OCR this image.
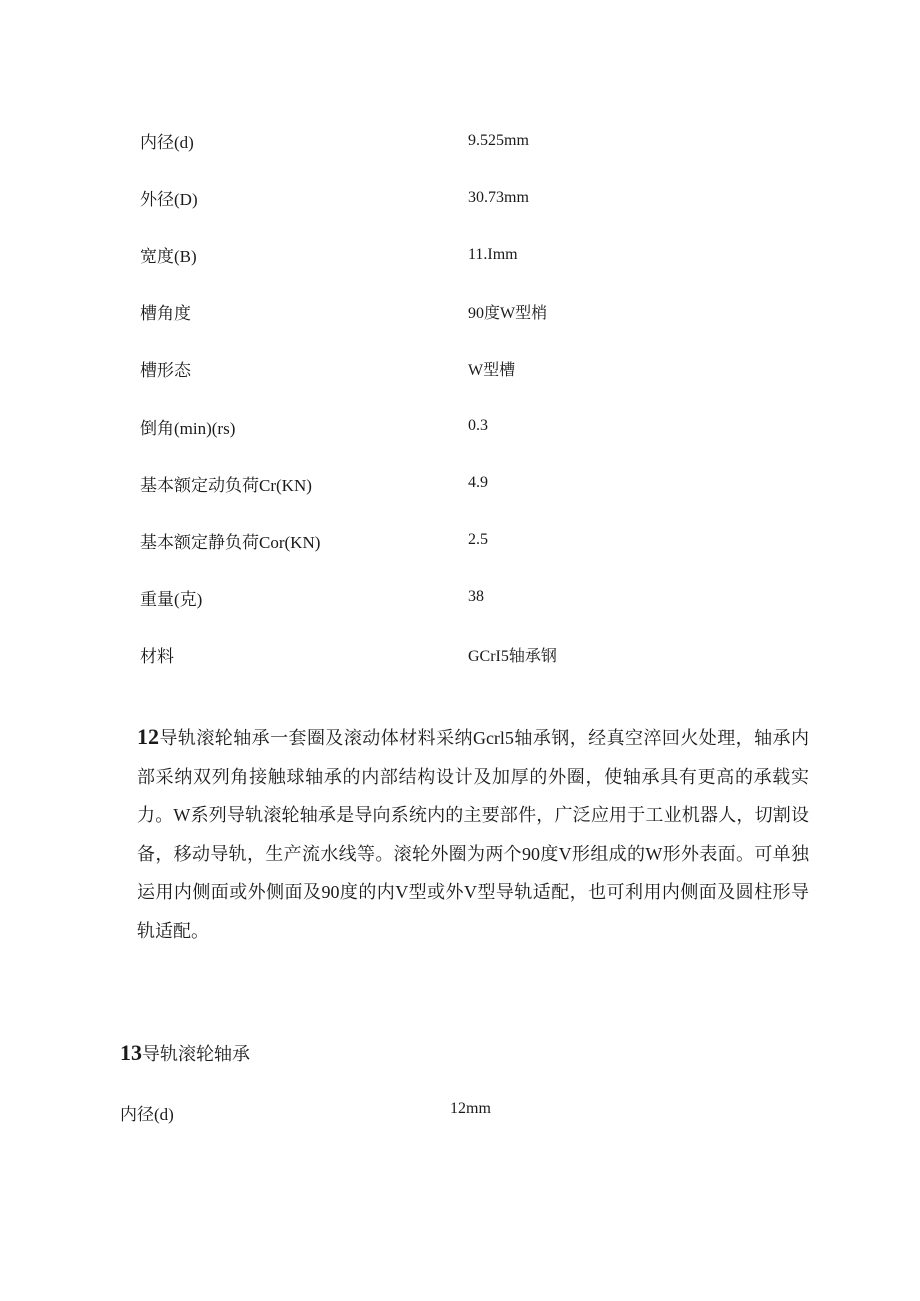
内径(d)	9.525mm
外径(D)	30.73mm
宽度(B)	11.Imm
槽角度	90度W型梢
槽形态	W型槽
倒角(min)(rs)	0.3
基本额定动负荷Cr(KN)	4.9
基本额定静负荷Cor(KN)	2.5
重量(克)	38
材料	GCrI5轴承钢

12导轨滚轮轴承一套圈及滚动体材料采纳Gcrl5轴承钢，经真空淬回火处理，轴承内部采纳双列角接触球轴承的内部结构设计及加厚的外圈，使轴承具有更高的承载实力。W系列导轨滚轮轴承是导向系统内的主要部件，广泛应用于工业机器人，切割设备，移动导轨，生产流水线等。滚轮外圈为两个90度V形组成的W形外表面。可单独运用内侧面或外侧面及90度的内V型或外V型导轨适配，也可利用内侧面及圆柱形导轨适配。

13导轨滚轮轴承
内径(d)	12mm
